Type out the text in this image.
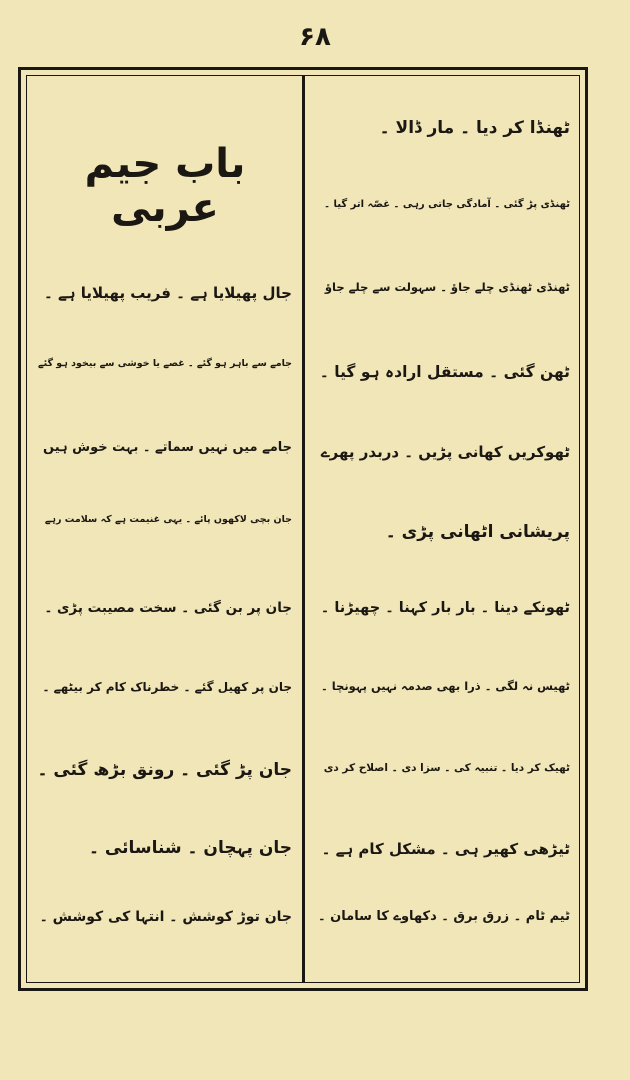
۶۸
ٹھنڈا کر دیا ۔ مار ڈالا ۔
ٹھنڈی پڑ گئی ۔ آمادگی جاتی رہی ۔ غصّہ اتر گیا ۔
ٹھنڈی ٹھنڈی چلے جاؤ ۔ سہولت سے چلے جاؤ
ٹھن گئی ۔ مستقل ارادہ ہو گیا ۔
ٹھوکریں کھانی پڑیں ۔ دربدر پھرے
پریشانی اٹھانی پڑی ۔
ٹھونکے دینا ۔ بار بار کہنا ۔ چھیڑنا ۔
ٹھیس نہ لگی ۔ ذرا بھی صدمہ نہیں پہونچا ۔
ٹھیک کر دیا ۔ تنبیہ کی ۔ سزا دی ۔ اصلاح کر دی
ٹیڑھی کھیر ہی ۔ مشکل کام ہے ۔
ٹیم ٹام ۔ زرق برق ۔ دکھاوے کا سامان ۔
باب جیم عربی
جال پھیلایا ہے ۔ فریب پھیلایا ہے ۔
جامے سے باہر ہو گئے ۔ غصے یا خوشی سے بیخود ہو گئے
جامے میں نہیں سماتے ۔ بہت خوش ہیں
جان بچی لاکھوں پائے ۔ یہی غنیمت ہے کہ سلامت رہے
جان پر بن گئی ۔ سخت مصیبت پڑی ۔
جان پر کھیل گئے ۔ خطرناک کام کر بیٹھے ۔
جان پڑ گئی ۔ رونق بڑھ گئی ۔
جان پہچان ۔ شناسائی ۔
جان توڑ کوشش ۔ انتہا کی کوشش ۔
